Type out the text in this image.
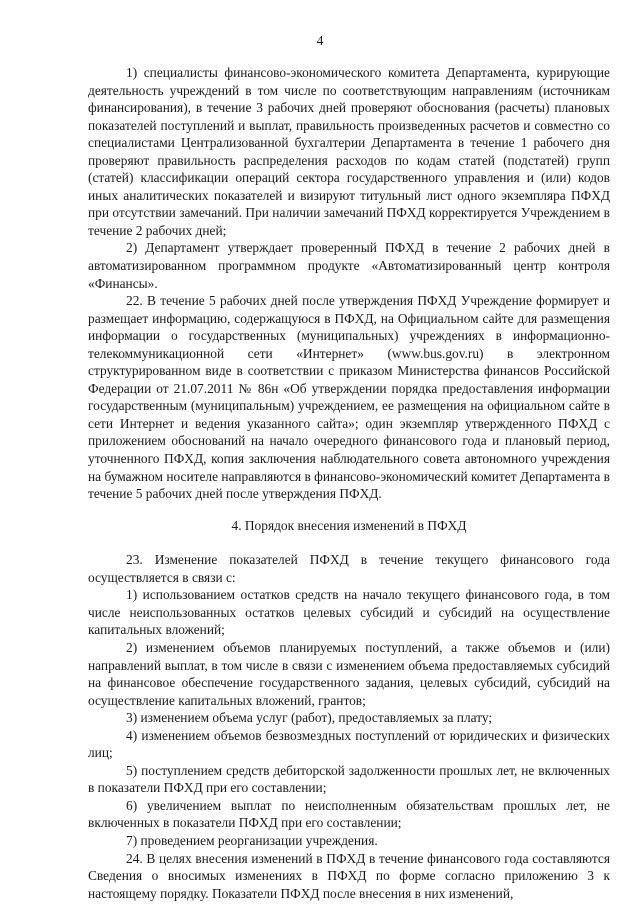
4

1) специалисты финансово-экономического комитета Департамента, курирующие деятельность учреждений в том числе по соответствующим направлениям (источникам финансирования), в течение 3 рабочих дней проверяют обоснования (расчеты) плановых показателей поступлений и выплат, правильность произведенных расчетов и совместно со специалистами Централизованной бухгалтерии Департамента в течение 1 рабочего дня проверяют правильность распределения расходов по кодам статей (подстатей) групп (статей) классификации операций сектора государственного управления и (или) кодов иных аналитических показателей и визируют титульный лист одного экземпляра ПФХД при отсутствии замечаний. При наличии замечаний ПФХД корректируется Учреждением в течение 2 рабочих дней;

2) Департамент утверждает проверенный ПФХД в течение 2 рабочих дней в автоматизированном программном продукте «Автоматизированный центр контроля «Финансы».

22. В течение 5 рабочих дней после утверждения ПФХД Учреждение формирует и размещает информацию, содержащуюся в ПФХД, на Официальном сайте для размещения информации о государственных (муниципальных) учреждениях в информационно-телекоммуникационной сети «Интернет» (www.bus.gov.ru) в электронном структурированном виде в соответствии с приказом Министерства финансов Российской Федерации от 21.07.2011 № 86н «Об утверждении порядка предоставления информации государственным (муниципальным) учреждением, ее размещения на официальном сайте в сети Интернет и ведения указанного сайта»; один экземпляр утвержденного ПФХД с приложением обоснований на начало очередного финансового года и плановый период, уточненного ПФХД, копия заключения наблюдательного совета автономного учреждения на бумажном носителе направляются в финансово-экономический комитет Департамента в течение 5 рабочих дней после утверждения ПФХД.

4. Порядок внесения изменений в ПФХД

23. Изменение показателей ПФХД в течение текущего финансового года осуществляется в связи с:

1) использованием остатков средств на начало текущего финансового года, в том числе неиспользованных остатков целевых субсидий и субсидий на осуществление капитальных вложений;

2) изменением объемов планируемых поступлений, а также объемов и (или) направлений выплат, в том числе в связи с изменением объема предоставляемых субсидий на финансовое обеспечение государственного задания, целевых субсидий, субсидий на осуществление капитальных вложений, грантов;

3) изменением объема услуг (работ), предоставляемых за плату;

4) изменением объемов безвозмездных поступлений от юридических и физических лиц;

5) поступлением средств дебиторской задолженности прошлых лет, не включенных в показатели ПФХД при его составлении;

6) увеличением выплат по неисполненным обязательствам прошлых лет, не включенных в показатели ПФХД при его составлении;

7) проведением реорганизации учреждения.

24. В целях внесения изменений в ПФХД в течение финансового года составляются Сведения о вносимых изменениях в ПФХД по форме согласно приложению 3 к настоящему порядку. Показатели ПФХД после внесения в них изменений,
